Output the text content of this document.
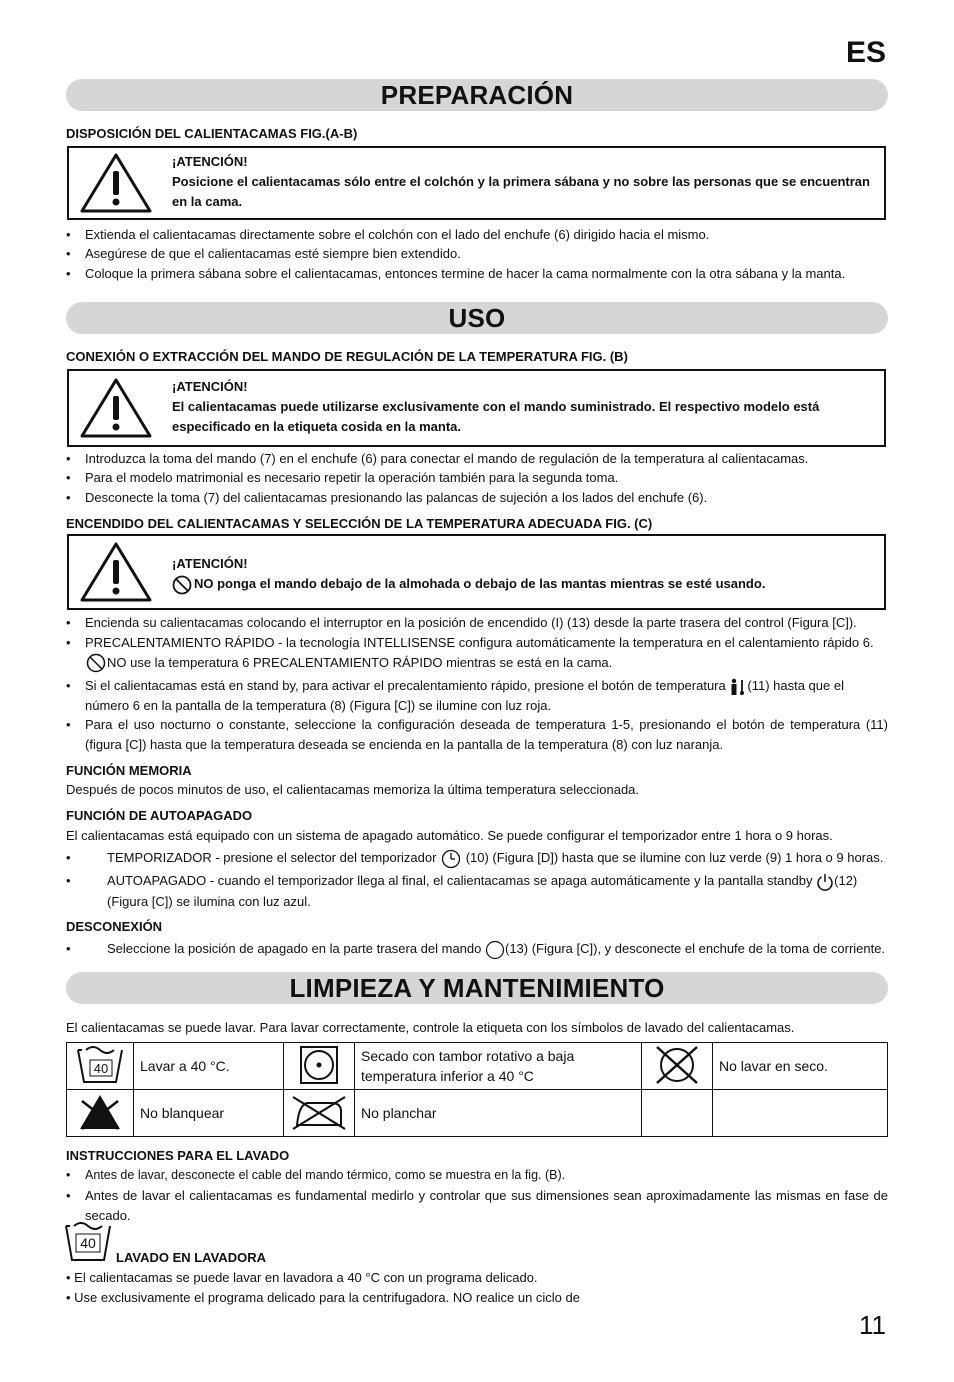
ES
PREPARACIÓN
DISPOSICIÓN DEL CALIENTACAMAS FIG.(A-B)
¡ATENCIÓN!
Posicione el calientacamas sólo entre el colchón y la primera sábana y no sobre las personas que se encuentran en la cama.
•	Extienda el calientacamas directamente sobre el colchón con el lado del enchufe (6) dirigido hacia el mismo.
•	Asegúrese de que el calientacamas esté siempre bien extendido.
•	Coloque la primera sábana sobre el calientacamas, entonces termine de hacer la cama normalmente con la otra sábana y la manta.
USO
CONEXIÓN O EXTRACCIÓN DEL MANDO DE REGULACIÓN DE LA TEMPERATURA FIG. (B)
¡ATENCIÓN!
El calientacamas puede utilizarse exclusivamente con el mando suministrado. El respectivo modelo está especificado en la etiqueta cosida en la manta.
•	Introduzca la toma del mando (7) en el enchufe (6) para conectar el mando de regulación de la temperatura al calientacamas.
•	Para el modelo matrimonial es necesario repetir la operación también para la segunda toma.
•	Desconecte la toma (7) del calientacamas presionando las palancas de sujeción a los lados del enchufe (6).
ENCENDIDO DEL CALIENTACAMAS Y SELECCIÓN DE LA TEMPERATURA ADECUADA FIG. (C)
¡ATENCIÓN!
NO ponga el mando debajo de la almohada o debajo de las mantas mientras se esté usando.
•	Encienda su calientacamas colocando el interruptor en la posición de encendido (I) (13) desde la parte trasera del control (Figura [C]).
•	PRECALENTAMIENTO RÁPIDO - la tecnología INTELLISENSE configura automáticamente la temperatura en el calentamiento rápido 6. NO use la temperatura 6 PRECALENTAMIENTO RÁPIDO mientras se está en la cama.
•	Si el calientacamas está en stand by, para activar el precalentamiento rápido, presione el botón de temperatura (11) hasta que el número 6 en la pantalla de la temperatura (8) (Figura [C]) se ilumine con luz roja.
•	Para el uso nocturno o constante, seleccione la configuración deseada de temperatura 1-5, presionando el botón de temperatura (11) (figura [C]) hasta que la temperatura deseada se encienda en la pantalla de la temperatura (8) con luz naranja.
FUNCIÓN MEMORIA
Después de pocos minutos de uso, el calientacamas memoriza la última temperatura seleccionada.
FUNCIÓN DE AUTOAPAGADO
El calientacamas está equipado con un sistema de apagado automático. Se puede configurar el temporizador entre 1 hora o 9 horas.
•	TEMPORIZADOR - presione el selector del temporizador (10) (Figura [D]) hasta que se ilumine con luz verde (9) 1 hora o 9 horas.
•	AUTOAPAGADO - cuando el temporizador llega al final, el calientacamas se apaga automáticamente y la pantalla standby (12) (Figura [C]) se ilumina con luz azul.
DESCONEXIÓN
•	Seleccione la posición de apagado en la parte trasera del mando (13) (Figura [C]), y desconecte el enchufe de la toma de corriente.
LIMPIEZA Y MANTENIMIENTO
El calientacamas se puede lavar. Para lavar correctamente, controle la etiqueta con los símbolos de lavado del calientacamas.
40	Lavar a 40 °C.		Secado con tambor rotativo a baja temperatura inferior a 40 °C		No lavar en seco.
	No blanquear		No planchar		
INSTRUCCIONES PARA EL LAVADO
•	Antes de lavar, desconecte el cable del mando térmico, como se muestra en la fig. (B).
•	Antes de lavar el calientacamas es fundamental medirlo y controlar que sus dimensiones sean aproximadamente las mismas en fase de secado.
40
LAVADO EN LAVADORA
• El calientacamas se puede lavar en lavadora a 40 °C con un programa delicado.
• Use exclusivamente el programa delicado para la centrifugadora. NO realice un ciclo de
11
